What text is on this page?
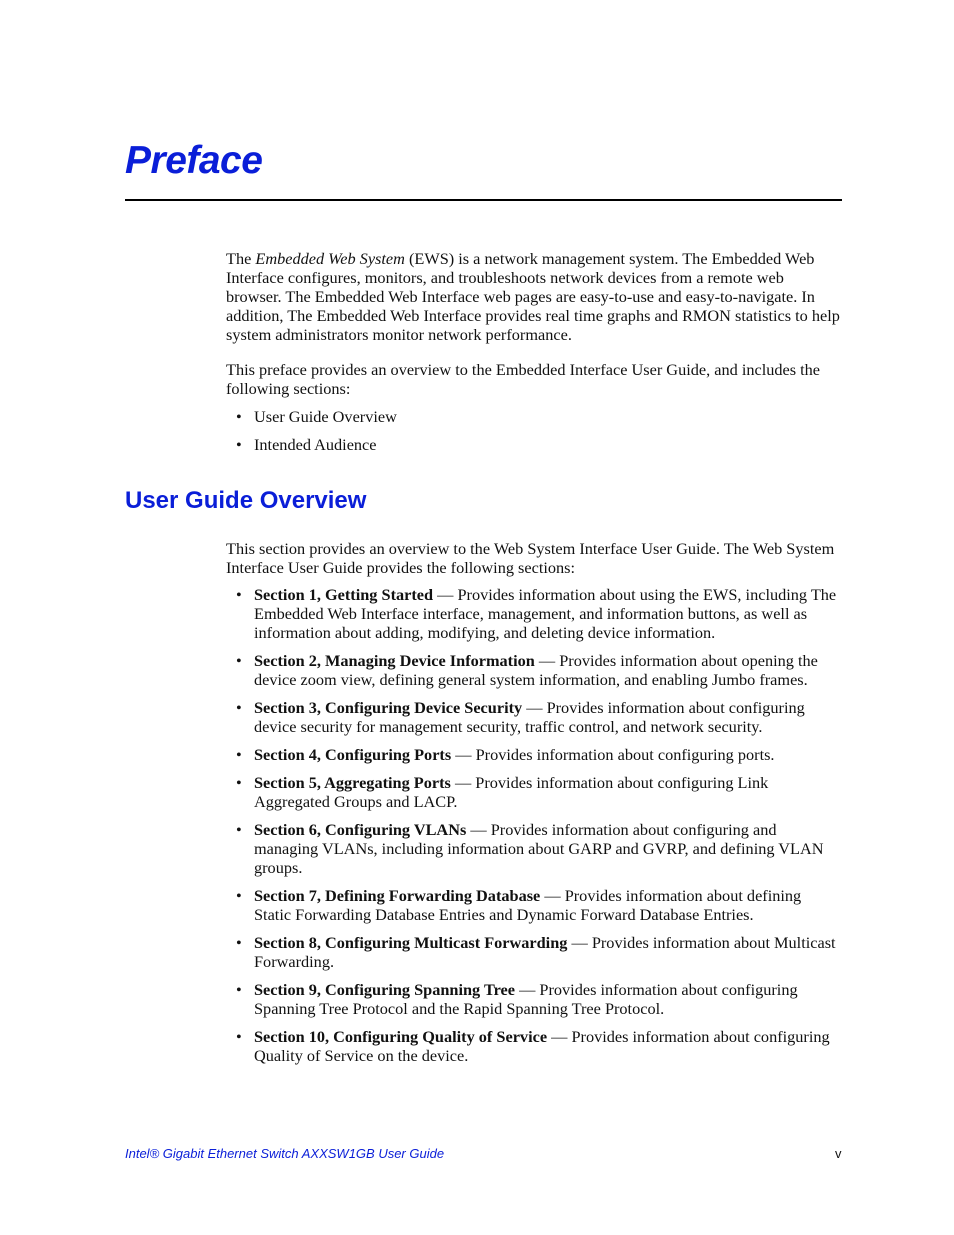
Preface

The Embedded Web System (EWS) is a network management system. The Embedded Web Interface configures, monitors, and troubleshoots network devices from a remote web browser. The Embedded Web Interface web pages are easy-to-use and easy-to-navigate. In addition, The Embedded Web Interface provides real time graphs and RMON statistics to help system administrators monitor network performance.

This preface provides an overview to the Embedded Interface User Guide, and includes the following sections:

• User Guide Overview
• Intended Audience
User Guide Overview

This section provides an overview to the Web System Interface User Guide. The Web System Interface User Guide provides the following sections:

• Section 1, Getting Started — Provides information about using the EWS, including The Embedded Web Interface interface, management, and information buttons, as well as information about adding, modifying, and deleting device information.
• Section 2, Managing Device Information — Provides information about opening the device zoom view, defining general system information, and enabling Jumbo frames.
• Section 3, Configuring Device Security — Provides information about configuring device security for management security, traffic control, and network security.
• Section 4, Configuring Ports — Provides information about configuring ports.
• Section 5, Aggregating Ports — Provides information about configuring Link Aggregated Groups and LACP.
• Section 6, Configuring VLANs — Provides information about configuring and managing VLANs, including information about GARP and GVRP, and defining VLAN groups.
• Section 7, Defining Forwarding Database — Provides information about defining Static Forwarding Database Entries and Dynamic Forward Database Entries.
• Section 8, Configuring Multicast Forwarding — Provides information about Multicast Forwarding.
• Section 9, Configuring Spanning Tree — Provides information about configuring Spanning Tree Protocol and the Rapid Spanning Tree Protocol.
• Section 10, Configuring Quality of Service — Provides information about configuring Quality of Service on the device.
Intel® Gigabit Ethernet Switch AXXSW1GB User Guide	v
